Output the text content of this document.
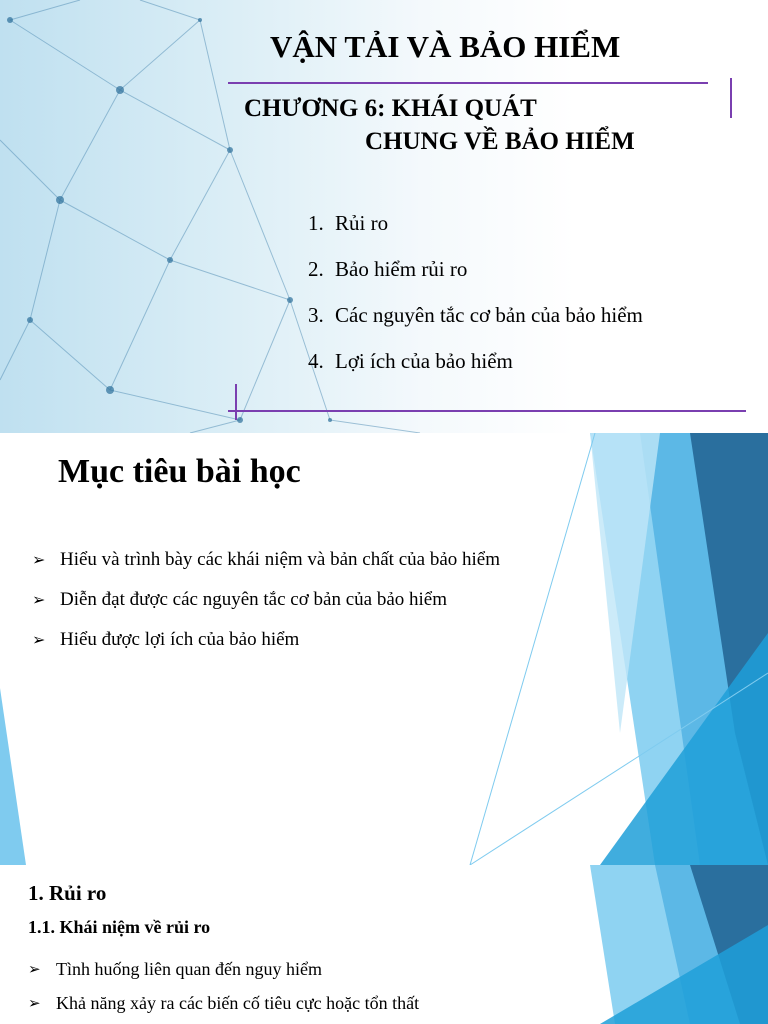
VẬN TẢI VÀ BẢO HIỂM
CHƯƠNG 6: KHÁI QUÁT
CHUNG VỀ BẢO HIỂM
1. Rủi ro
2. Bảo hiểm rủi ro
3. Các nguyên tắc cơ bản của bảo hiểm
4. Lợi ích của bảo hiểm
Mục tiêu bài học
➢ Hiểu và trình bày các khái niệm và bản chất của bảo hiểm
➢ Diễn đạt được các nguyên tắc cơ bản của bảo hiểm
➢ Hiểu được lợi ích của bảo hiểm
1. Rủi ro
1.1. Khái niệm về rủi ro
➢ Tình huống liên quan đến nguy hiểm
➢ Khả năng xảy ra các biến cố tiêu cực hoặc tổn thất
